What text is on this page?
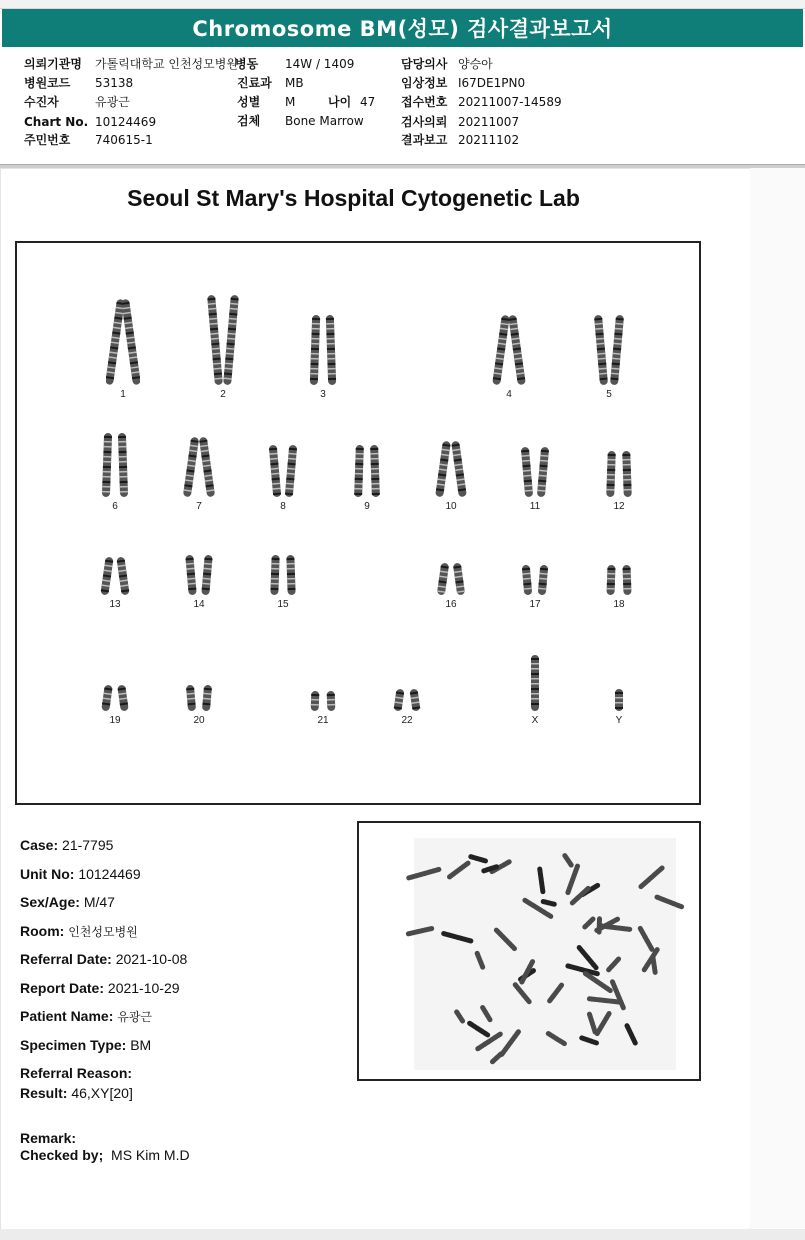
Chromosome BM(성모) 검사결과보고서
의뢰기관명 가톨릭대학교 인천성모병원
병원코드 53138
수진자	유광근
Chart No. 10124469
주민번호 740615-1
병동 14W / 1409
진료과 MB
성별 M	나이 47
검체 Bone Marrow
담당의사 양승아
임상정보 I67DE1PN0
접수번호 20211007-14589
검사의뢰 20211007
결과보고 20211102
Seoul St Mary's Hospital Cytogenetic Lab
1	2	3	4	5
6	7	8	9	10	11	12
13	14	15	16	17	18
19	20	21	22	X	Y
Case: 21-7795
Unit No: 10124469
Sex/Age: M/47
Room: 인천성모병원
Referral Date: 2021-10-08
Report Date: 2021-10-29
Patient Name: 유광근
Specimen Type: BM
Referral Reason:
Result: 46,XY[20]
Remark:
Checked by; MS Kim M.D
